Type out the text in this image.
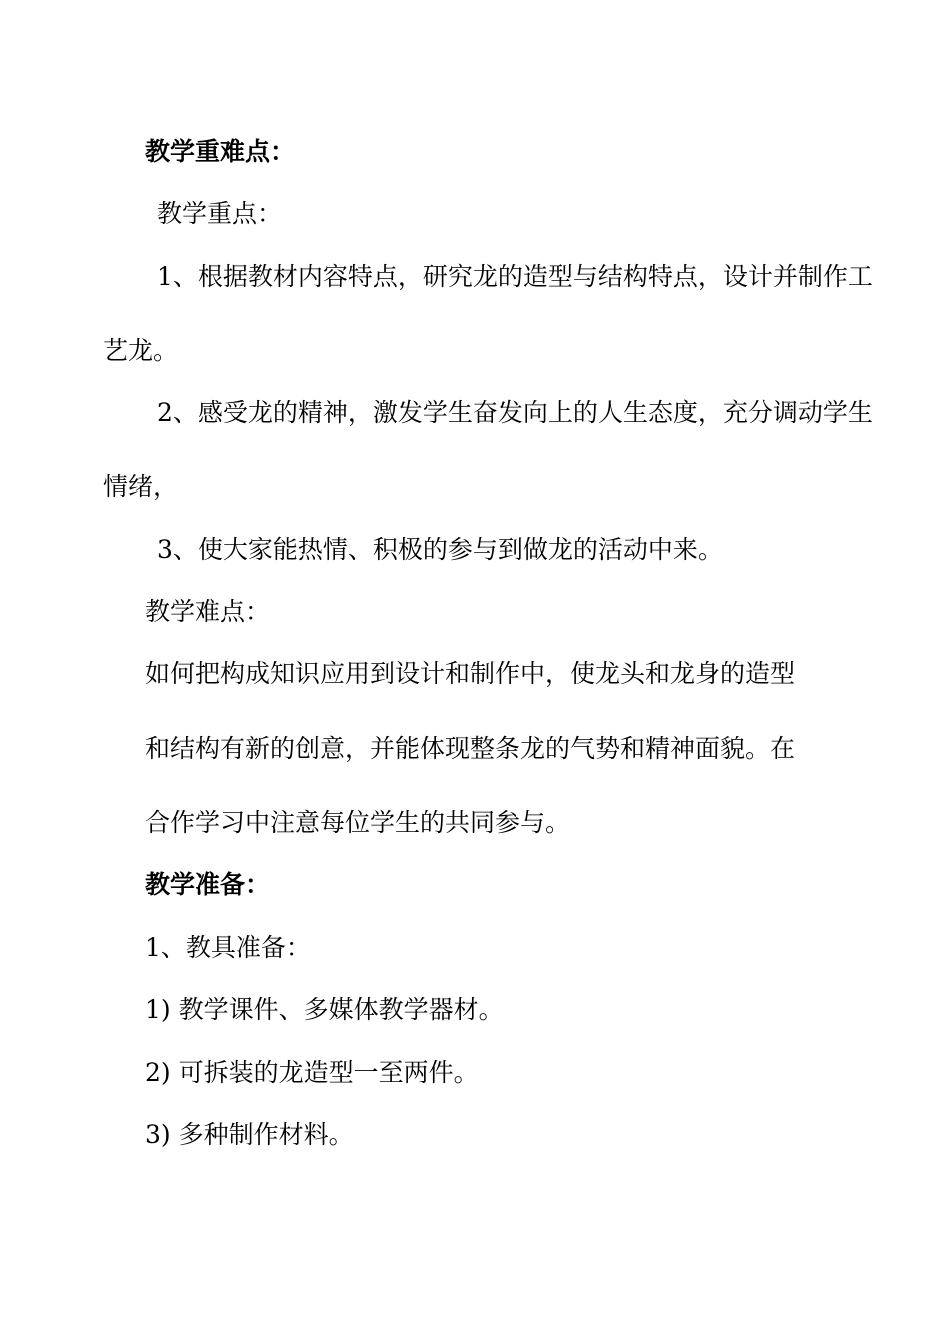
教学重难点：

教学重点：

1、根据教材内容特点，研究龙的造型与结构特点，设计并制作工

艺龙。

2、感受龙的精神，激发学生奋发向上的人生态度，充分调动学生

情绪，

3、使大家能热情、积极的参与到做龙的活动中来。

教学难点：

如何把构成知识应用到设计和制作中，使龙头和龙身的造型

和结构有新的创意，并能体现整条龙的气势和精神面貌。在

合作学习中注意每位学生的共同参与。

教学准备：

1、教具准备：

1) 教学课件、多媒体教学器材。

2) 可拆装的龙造型一至两件。

3) 多种制作材料。
